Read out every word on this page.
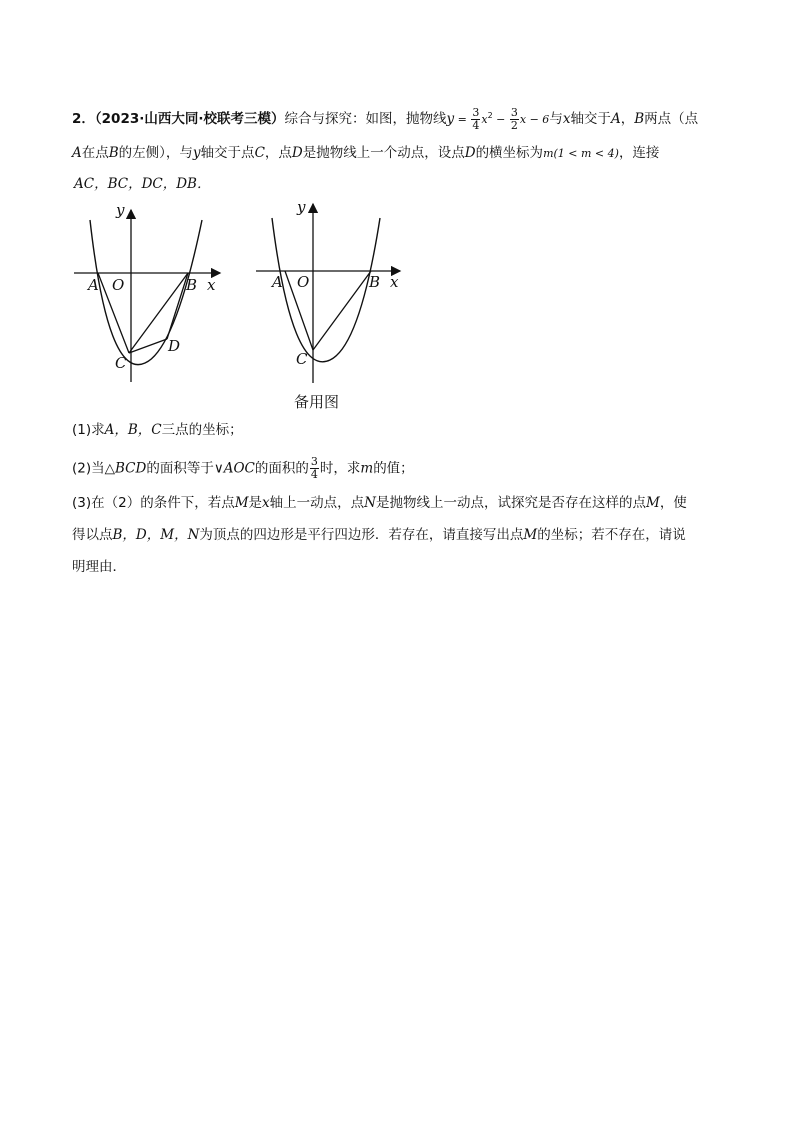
2．（2023·山西大同·校联考三模）综合与探究：如图，抛物线$y = \frac{3}{4} x^2 - \frac{3}{2}$ x − 6与x轴交于A，B两点（点
A在点B的左侧），与y轴交于点C，点D是抛物线上一个动点，设点D的横坐标为m(1 < m < 4)，连接
AC，BC，DC，DB．
y
x
A O	B
C
D
y
x
A O	B
C
备用图
(1)求A，B，C三点的坐标；
(2)当△BCD的面积等于∨AOC的面积的 $\frac{3}{4}$ 时，求m的值；
(3)在（2）的条件下，若点M是x轴上一动点，点N是抛物线上一动点，试探究是否存在这样的点M，使
得以点B，D，M，N为顶点的四边形是平行四边形．若存在，请直接写出点M的坐标；若不存在，请说
明理由．
